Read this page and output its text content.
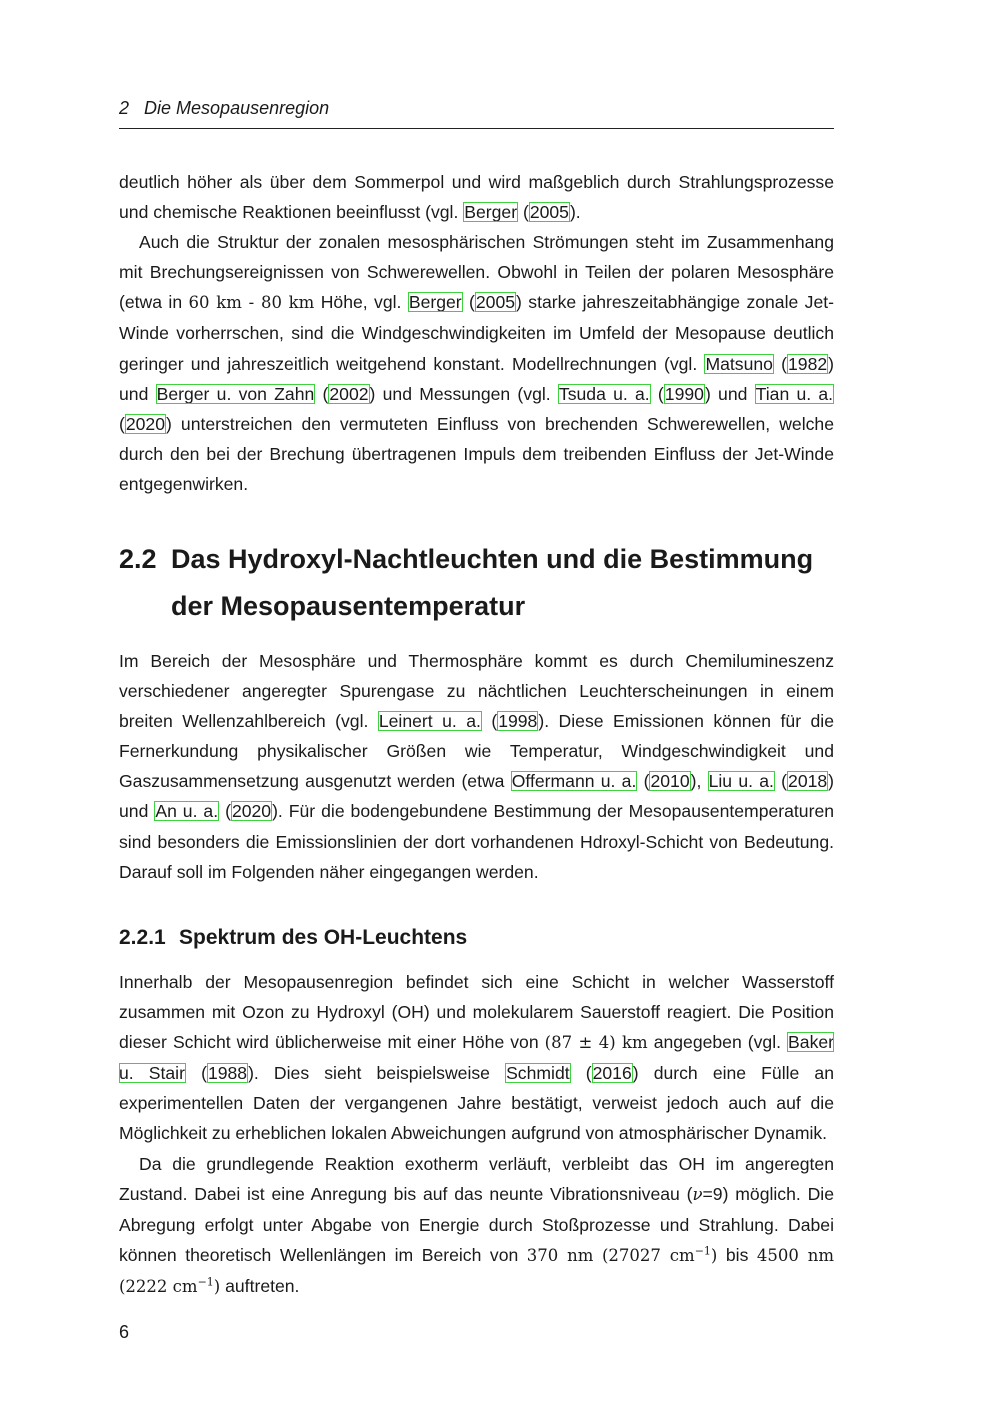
2 Die Mesopausenregion

deutlich höher als über dem Sommerpol und wird maßgeblich durch Strahlungsprozesse und chemische Reaktionen beeinflusst (vgl. Berger (2005).

Auch die Struktur der zonalen mesosphärischen Strömungen steht im Zusammenhang mit Brechungsereignissen von Schwerewellen. Obwohl in Teilen der polaren Mesosphäre (etwa in 60 km - 80 km Höhe, vgl. Berger (2005) starke jahreszeitabhängige zonale Jet-Winde vorherrschen, sind die Windgeschwindigkeiten im Umfeld der Mesopause deutlich geringer und jahreszeitlich weitgehend konstant. Modellrechnungen (vgl. Matsuno (1982) und Berger u. von Zahn (2002) und Messungen (vgl. Tsuda u. a. (1990) und Tian u. a. (2020) unterstreichen den vermuteten Einfluss von brechenden Schwerewellen, welche durch den bei der Brechung übertragenen Impuls dem treibenden Einfluss der Jet-Winde entgegenwirken.

2.2 Das Hydroxyl-Nachtleuchten und die Bestimmung
der Mesopausentemperatur

Im Bereich der Mesosphäre und Thermosphäre kommt es durch Chemilumineszenz verschiedener angeregter Spurengase zu nächtlichen Leuchterscheinungen in einem breiten Wellenzahlbereich (vgl. Leinert u. a. (1998). Diese Emissionen können für die Fernerkundung physikalischer Größen wie Temperatur, Windgeschwindigkeit und Gaszusammensetzung ausgenutzt werden (etwa Offermann u. a. (2010), Liu u. a. (2018) und An u. a. (2020). Für die bodengebundene Bestimmung der Mesopausentemperaturen sind besonders die Emissionslinien der dort vorhandenen Hdroxyl-Schicht von Bedeutung. Darauf soll im Folgenden näher eingegangen werden.

2.2.1 Spektrum des OH-Leuchtens

Innerhalb der Mesopausenregion befindet sich eine Schicht in welcher Wasserstoff zusammen mit Ozon zu Hydroxyl (OH) und molekularem Sauerstoff reagiert. Die Position dieser Schicht wird üblicherweise mit einer Höhe von (87 ± 4) km angegeben (vgl. Baker u. Stair (1988). Dies sieht beispielsweise Schmidt (2016) durch eine Fülle an experimentellen Daten der vergangenen Jahre bestätigt, verweist jedoch auch auf die Möglichkeit zu erheblichen lokalen Abweichungen aufgrund von atmosphärischer Dynamik.

Da die grundlegende Reaktion exotherm verläuft, verbleibt das OH im angeregten Zustand. Dabei ist eine Anregung bis auf das neunte Vibrationsniveau (ν=9) möglich. Die Abregung erfolgt unter Abgabe von Energie durch Stoßprozesse und Strahlung. Dabei können theoretisch Wellenlängen im Bereich von 370 nm (27027 $cm^{-1}$) bis 4500 nm (2222 $cm^{-1}$) auftreten.

6
